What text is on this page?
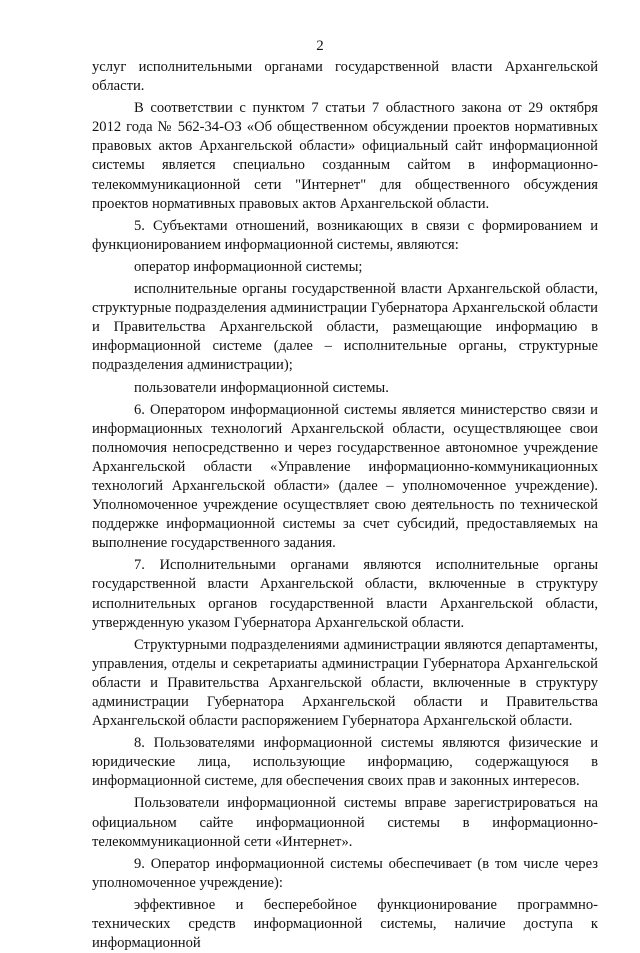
2

услуг исполнительными органами государственной власти Архангельской области.

В соответствии с пунктом 7 статьи 7 областного закона от 29 октября 2012 года № 562-34-ОЗ «Об общественном обсуждении проектов нормативных правовых актов Архангельской области» официальный сайт информационной системы является специально созданным сайтом в информационно-телекоммуникационной сети "Интернет" для общественного обсуждения проектов нормативных правовых актов Архангельской области.

5. Субъектами отношений, возникающих в связи с формированием и функционированием информационной системы, являются:

оператор информационной системы;

исполнительные органы государственной власти Архангельской области, структурные подразделения администрации Губернатора Архангельской области и Правительства Архангельской области, размещающие информацию в информационной системе (далее – исполнительные органы, структурные подразделения администрации);

пользователи информационной системы.

6. Оператором информационной системы является министерство связи и информационных технологий Архангельской области, осуществляющее свои полномочия непосредственно и через государственное автономное учреждение Архангельской области «Управление информационно-коммуникационных технологий Архангельской области» (далее – уполномоченное учреждение). Уполномоченное учреждение осуществляет свою деятельность по технической поддержке информационной системы за счет субсидий, предоставляемых на выполнение государственного задания.

7. Исполнительными органами являются исполнительные органы государственной власти Архангельской области, включенные в структуру исполнительных органов государственной власти Архангельской области, утвержденную указом Губернатора Архангельской области.

Структурными подразделениями администрации являются департаменты, управления, отделы и секретариаты администрации Губернатора Архангельской области и Правительства Архангельской области, включенные в структуру администрации Губернатора Архангельской области и Правительства Архангельской области распоряжением Губернатора Архангельской области.

8. Пользователями информационной системы являются физические и юридические лица, использующие информацию, содержащуюся в информационной системе, для обеспечения своих прав и законных интересов.

Пользователи информационной системы вправе зарегистрироваться на официальном сайте информационной системы в информационно-телекоммуникационной сети «Интернет».

9. Оператор информационной системы обеспечивает (в том числе через уполномоченное учреждение):

эффективное и бесперебойное функционирование программно-технических средств информационной системы, наличие доступа к информационной
